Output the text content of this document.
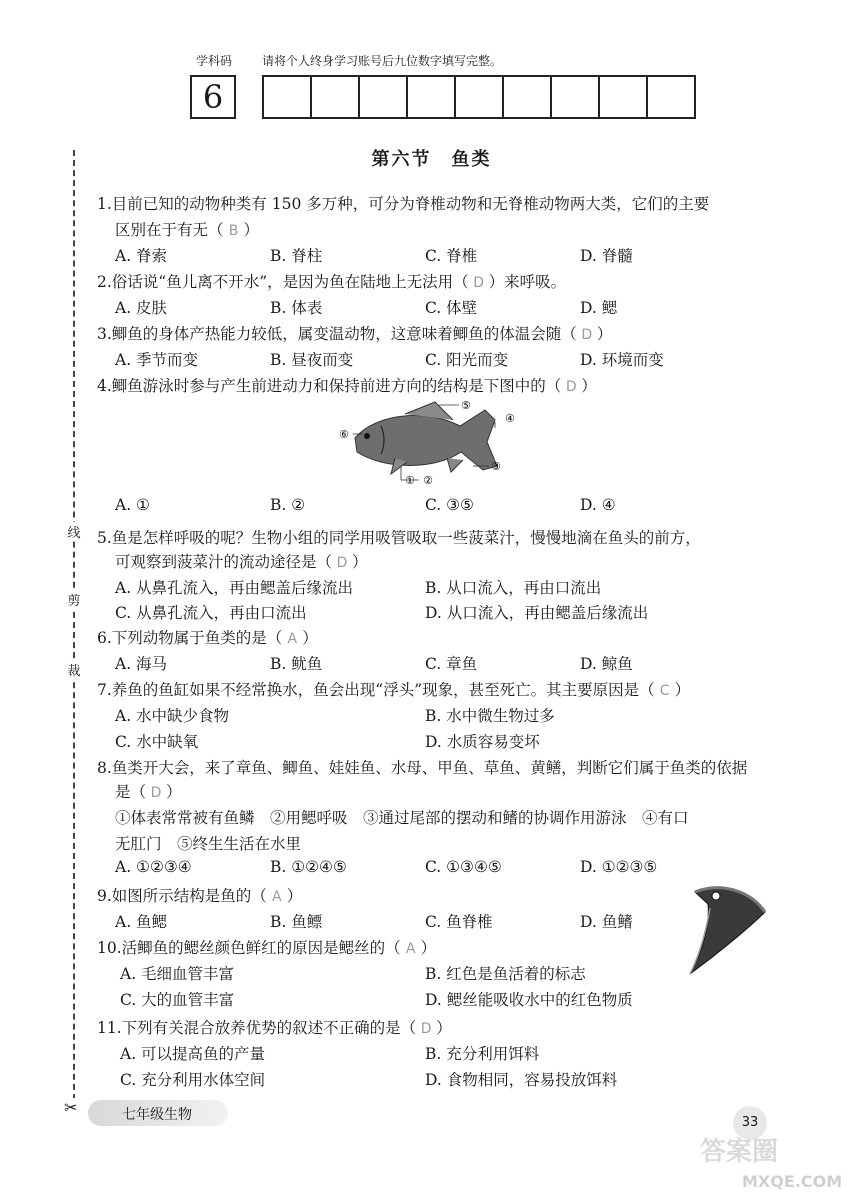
学科码 请将个人终身学习账号后九位数字填写完整。
6
线
剪
裁
✂
第六节　鱼类
1.目前已知的动物种类有 150 多万种，可分为脊椎动物和无脊椎动物两大类，它们的主要
区别在于有无（ B ）
A. 脊索	B. 脊柱	C. 脊椎	D. 脊髓
2.俗话说“鱼儿离不开水”，是因为鱼在陆地上无法用（ D ）来呼吸。
A. 皮肤	B. 体表	C. 体壁	D. 鳃
3.鲫鱼的身体产热能力较低，属变温动物，这意味着鲫鱼的体温会随（ D ）
A. 季节而变	B. 昼夜而变	C. 阳光而变	D. 环境而变
4.鲫鱼游泳时参与产生前进动力和保持前进方向的结构是下图中的（ D ）
⑤
④
⑥
③
① ②
A. ①	B. ②	C. ③⑤	D. ④
5.鱼是怎样呼吸的呢？生物小组的同学用吸管吸取一些菠菜汁，慢慢地滴在鱼头的前方，
可观察到菠菜汁的流动途径是（ D ）
A. 从鼻孔流入，再由鳃盖后缘流出	B. 从口流入，再由口流出
C. 从鼻孔流入，再由口流出	D. 从口流入，再由鳃盖后缘流出
6.下列动物属于鱼类的是（ A ）
A. 海马	B. 鱿鱼	C. 章鱼	D. 鲸鱼
7.养鱼的鱼缸如果不经常换水，鱼会出现“浮头”现象，甚至死亡。其主要原因是（ C ）
A. 水中缺少食物	B. 水中微生物过多
C. 水中缺氧	D. 水质容易变坏
8.鱼类开大会，来了章鱼、鲫鱼、娃娃鱼、水母、甲鱼、草鱼、黄鳝，判断它们属于鱼类的依据
是（ D ）
①体表常常被有鱼鳞　②用鳃呼吸　③通过尾部的摆动和鳍的协调作用游泳　④有口
无肛门　⑤终生生活在水里
A. ①②③④	B. ①②④⑤	C. ①③④⑤	D. ①②③⑤
9.如图所示结构是鱼的（ A ）
A. 鱼鳃	B. 鱼鳔	C. 鱼脊椎	D. 鱼鳍
10.活鲫鱼的鳃丝颜色鲜红的原因是鳃丝的（ A ）
A. 毛细血管丰富	B. 红色是鱼活着的标志
C. 大的血管丰富	D. 鳃丝能吸收水中的红色物质
11.下列有关混合放养优势的叙述不正确的是（ D ）
A. 可以提高鱼的产量	B. 充分利用饵料
C. 充分利用水体空间	D. 食物相同，容易投放饵料
七年级生物	33
答案圈
MXQE.COM
